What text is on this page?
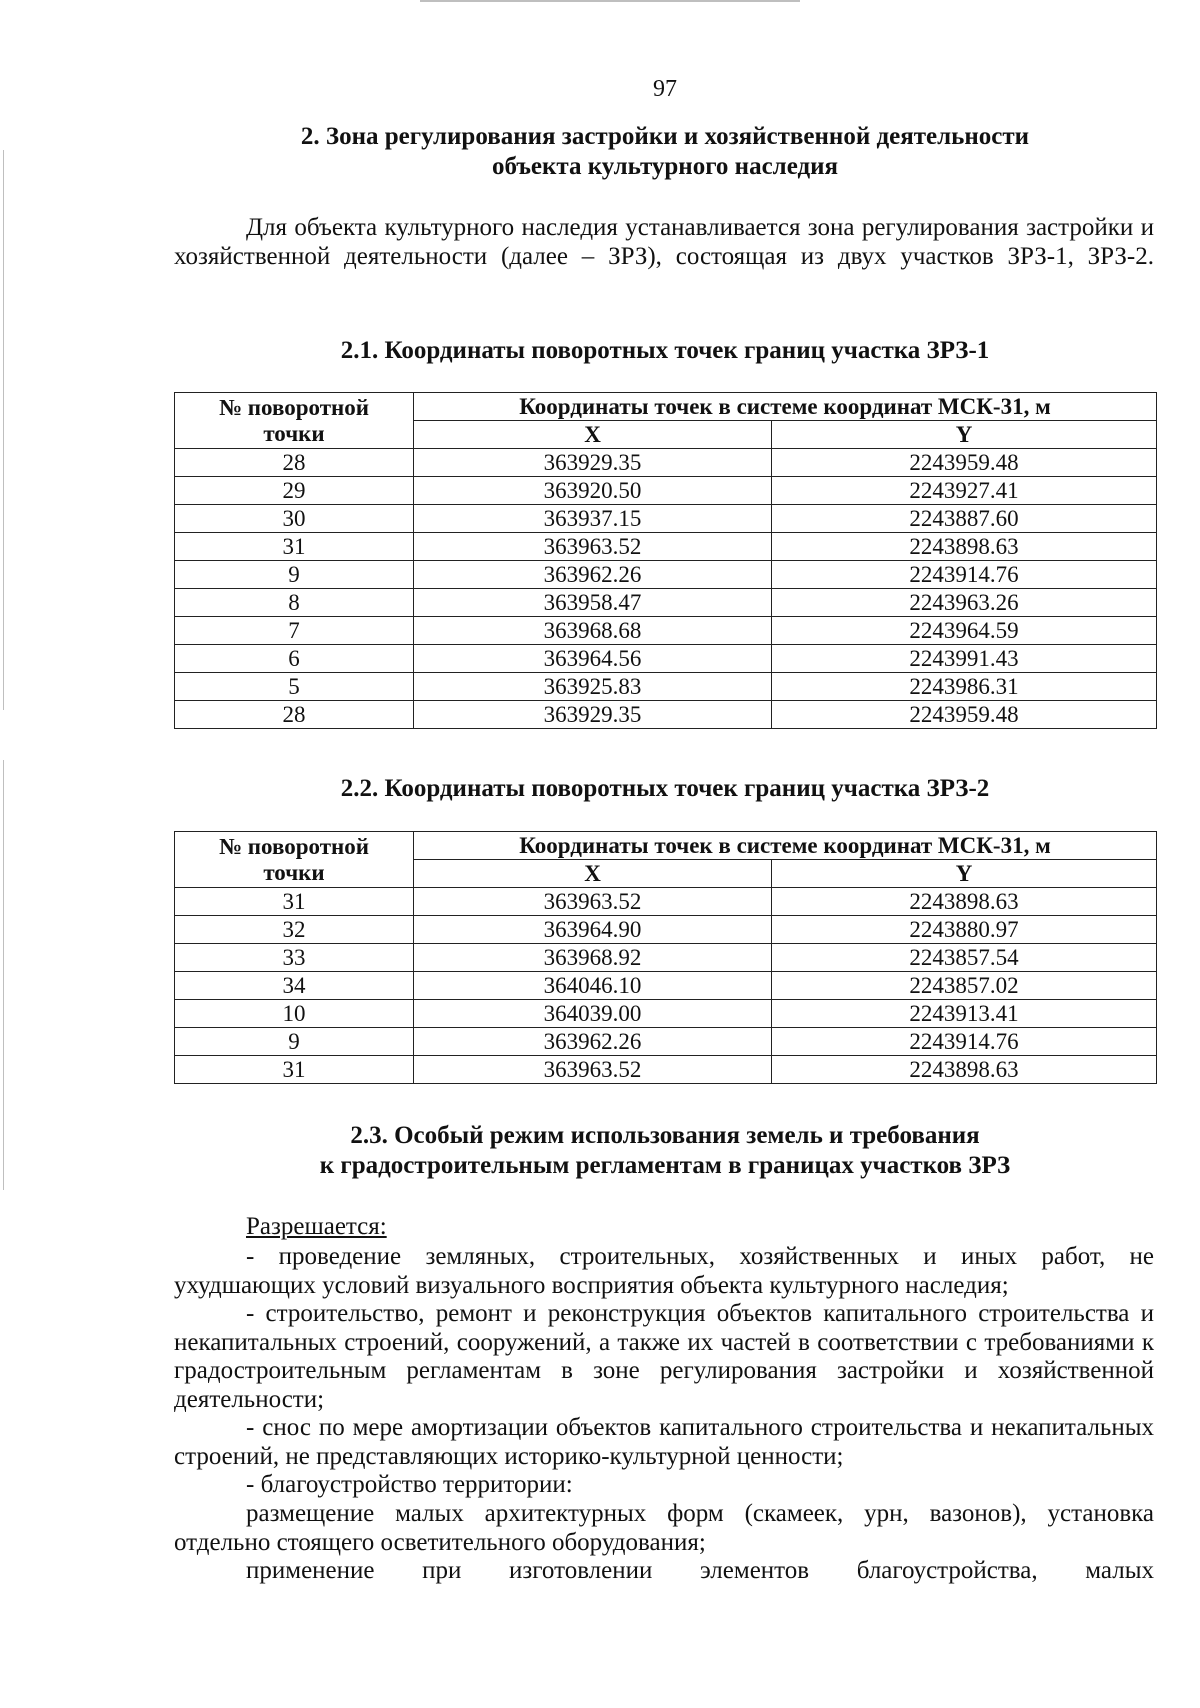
97
2. Зона регулирования застройки и хозяйственной деятельности
объекта культурного наследия
Для объекта культурного наследия устанавливается зона регулирования застройки и хозяйственной деятельности (далее – ЗРЗ), состоящая из двух участков ЗРЗ-1, ЗРЗ-2.
2.1. Координаты поворотных точек границ участка ЗРЗ-1
№ поворотной
точки	Координаты точек в системе координат МСК-31, м	
	X	Y
28	363929.35	2243959.48
29	363920.50	2243927.41
30	363937.15	2243887.60
31	363963.52	2243898.63
9	363962.26	2243914.76
8	363958.47	2243963.26
7	363968.68	2243964.59
6	363964.56	2243991.43
5	363925.83	2243986.31
28	363929.35	2243959.48
2.2. Координаты поворотных точек границ участка ЗРЗ-2
№ поворотной
точки	Координаты точек в системе координат МСК-31, м	
	X	Y
31	363963.52	2243898.63
32	363964.90	2243880.97
33	363968.92	2243857.54
34	364046.10	2243857.02
10	364039.00	2243913.41
9	363962.26	2243914.76
31	363963.52	2243898.63
2.3. Особый режим использования земель и требования
к градостроительным регламентам в границах участков ЗРЗ
Разрешается:
- проведение земляных, строительных, хозяйственных и иных работ, не ухудшающих условий визуального восприятия объекта культурного наследия;
- строительство, ремонт и реконструкция объектов капитального строительства и некапитальных строений, сооружений, а также их частей в соответствии с требованиями к градостроительным регламентам в зоне регулирования застройки и хозяйственной деятельности;
- снос по мере амортизации объектов капитального строительства и некапитальных строений, не представляющих историко-культурной ценности;
- благоустройство территории:
размещение малых архитектурных форм (скамеек, урн, вазонов), установка отдельно стоящего осветительного оборудования;
применение при изготовлении элементов благоустройства, малых
